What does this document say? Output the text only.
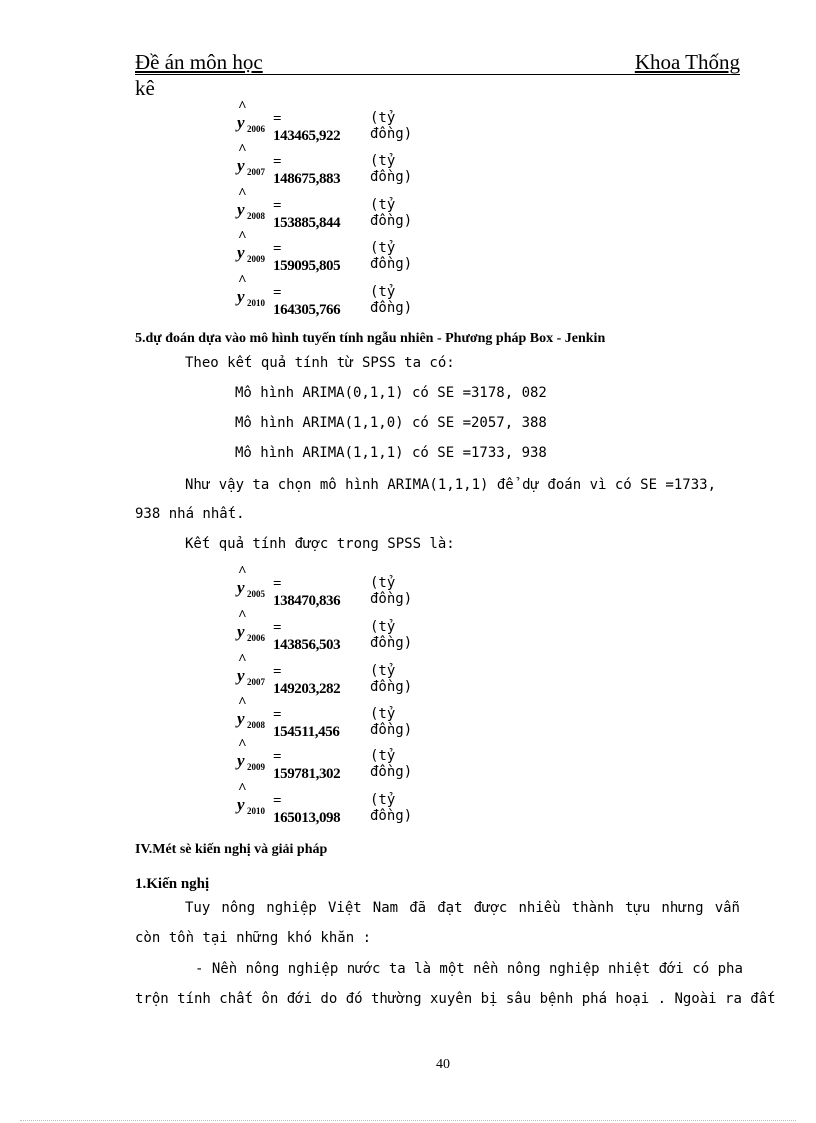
Đề án môn học	Khoa Thống
kê
^
y 2006
= 143465,922
(tỷ đồng)
^
y 2007
= 148675,883
(tỷ đồng)
^
y 2008
= 153885,844
(tỷ đồng)
^
y 2009
= 159095,805
(tỷ đồng)
^
y 2010
= 164305,766
(tỷ đồng)
5.dự đoán dựa vào mô hình tuyến tính ngẫu nhiên - Phương pháp Box - Jenkin
Theo kết quả tính từ SPSS ta có:
Mô hình ARIMA(0,1,1) có SE =3178, 082
Mô hình ARIMA(1,1,0) có SE =2057, 388
Mô hình ARIMA(1,1,1) có SE =1733, 938
Như vậy ta chọn mô hình ARIMA(1,1,1) để dự đoán vì có SE =1733,
938 nhá nhất.
Kết quả tính được trong SPSS là:
^
y 2005
= 138470,836
(tỷ đồng)
^
y 2006
= 143856,503
(tỷ đồng)
^
y 2007
= 149203,282
(tỷ đồng)
^
y 2008
= 154511,456
(tỷ đồng)
^
y 2009
= 159781,302
(tỷ đồng)
^
y 2010
= 165013,098
(tỷ đồng)
IV.Mét sè kiến nghị và giải pháp
1.Kiến nghị
Tuy nông nghiệp Việt Nam đã đạt được nhiều thành tựu nhưng vẫn
còn tồn tại những khó khăn :
- Nền nông nghiệp nước ta là một nền nông nghiệp nhiệt đới có pha
trộn tính chất ôn đới do đó thường xuyên bị sâu bệnh phá hoại . Ngoài ra đất
40
